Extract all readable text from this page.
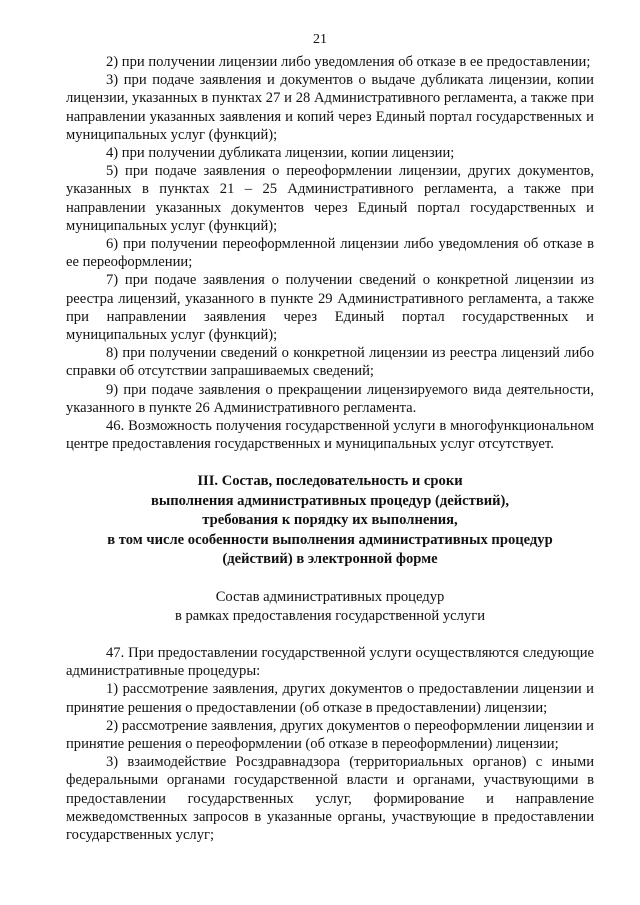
21

2) при получении лицензии либо уведомления об отказе в ее предоставлении;

3) при подаче заявления и документов о выдаче дубликата лицензии, копии лицензии, указанных в пунктах 27 и 28 Административного регламента, а также при направлении указанных заявления и копий через Единый портал государственных и муниципальных услуг (функций);

4) при получении дубликата лицензии, копии лицензии;

5) при подаче заявления о переоформлении лицензии, других документов, указанных в пунктах 21 – 25 Административного регламента, а также при направлении указанных документов через Единый портал государственных и муниципальных услуг (функций);

6) при получении переоформленной лицензии либо уведомления об отказе в ее переоформлении;

7) при подаче заявления о получении сведений о конкретной лицензии из реестра лицензий, указанного в пункте 29 Административного регламента, а также при направлении заявления через Единый портал государственных и муниципальных услуг (функций);

8) при получении сведений о конкретной лицензии из реестра лицензий либо справки об отсутствии запрашиваемых сведений;

9) при подаче заявления о прекращении лицензируемого вида деятельности, указанного в пункте 26 Административного регламента.

46. Возможность получения государственной услуги в многофункциональном центре предоставления государственных и муниципальных услуг отсутствует.

III. Состав, последовательность и сроки
выполнения административных процедур (действий),
требования к порядку их выполнения,
в том числе особенности выполнения административных процедур
(действий) в электронной форме
Состав административных процедур
в рамках предоставления государственной услуги

47. При предоставлении государственной услуги осуществляются следующие административные процедуры:

1) рассмотрение заявления, других документов о предоставлении лицензии и принятие решения о предоставлении (об отказе в предоставлении) лицензии;

2) рассмотрение заявления, других документов о переоформлении лицензии и принятие решения о переоформлении (об отказе в переоформлении) лицензии;

3) взаимодействие Росздравнадзора (территориальных органов) с иными федеральными органами государственной власти и органами, участвующими в предоставлении государственных услуг, формирование и направление межведомственных запросов в указанные органы, участвующие в предоставлении государственных услуг;
